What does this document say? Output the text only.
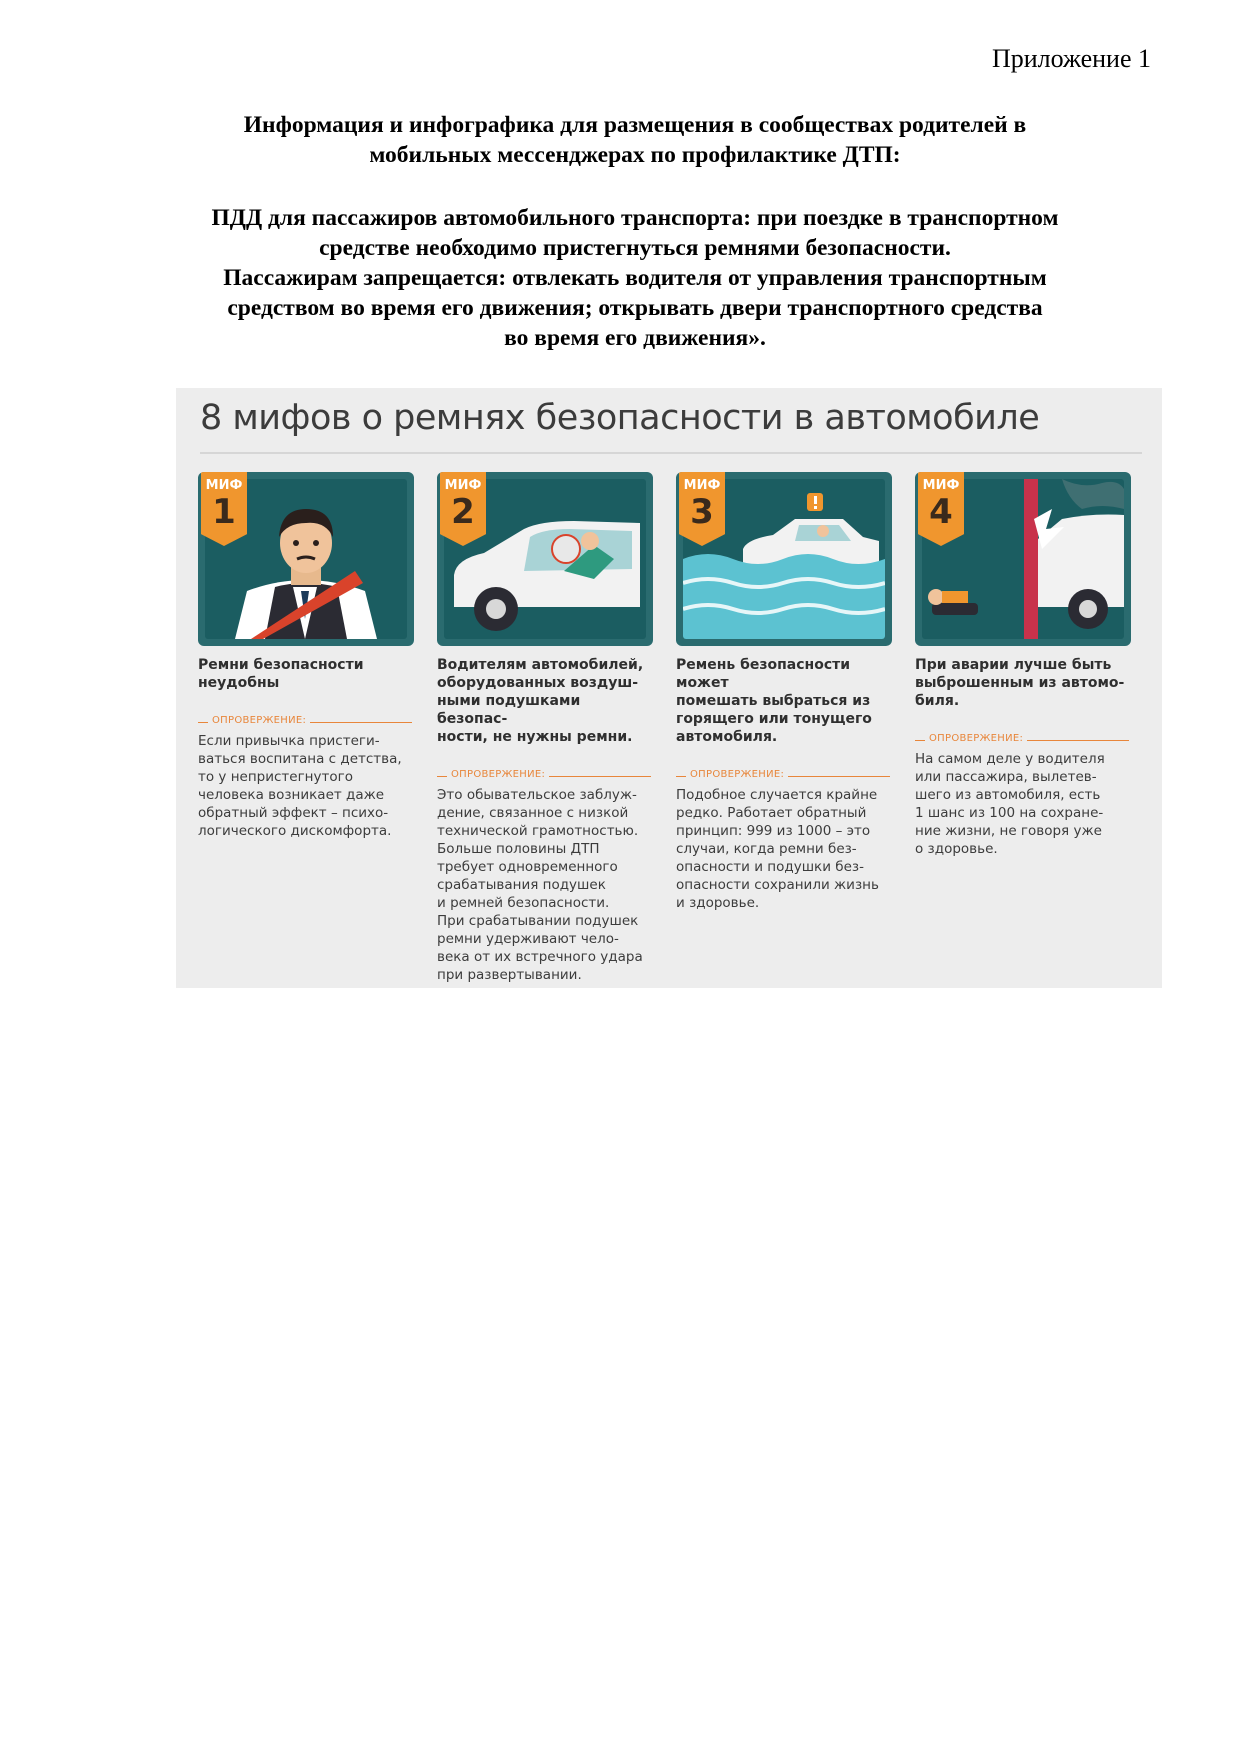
Приложение 1

Информация и инфографика для размещения в сообществах родителей в

мобильных мессенджерах по профилактике ДТП:

ПДД для пассажиров автомобильного транспорта: при поездке в транспортном

средстве необходимо пристегнуться ремнями безопасности.

Пассажирам запрещается: отвлекать водителя от управления транспортным

средством во время его движения; открывать двери транспортного средства

во время его движения».

8 мифов о ремнях безопасности в автомобиле
МИФ
1
Ремни безопасности
неудобны
ОПРОВЕРЖЕНИЕ:
Если привычка пристеги-
ваться воспитана с детства,
то у непристегнутого
человека возникает даже
обратный эффект – психо-
логического дискомфорта.
МИФ
2
Водителям автомобилей,
оборудованных воздуш-
ными подушками безопас-
ности, не нужны ремни.
ОПРОВЕРЖЕНИЕ:
Это обывательское заблуж-
дение, связанное с низкой
технической грамотностью.
Больше половины ДТП
требует одновременного
срабатывания подушек
и ремней безопасности.
При срабатывании подушек
ремни удерживают чело-
века от их встречного удара
при развертывании.
МИФ
3
Ремень безопасности может
помешать выбраться из
горящего или тонущего
автомобиля.
ОПРОВЕРЖЕНИЕ:
Подобное случается крайне
редко. Работает обратный
принцип: 999 из 1000 – это
случаи, когда ремни без-
опасности и подушки без-
опасности сохранили жизнь
и здоровье.
МИФ
4
При аварии лучше быть
выброшенным из автомо-
биля.
ОПРОВЕРЖЕНИЕ:
На самом деле у водителя
или пассажира, вылетев-
шего из автомобиля, есть
1 шанс из 100 на сохране-
ние жизни, не говоря уже
о здоровье.
